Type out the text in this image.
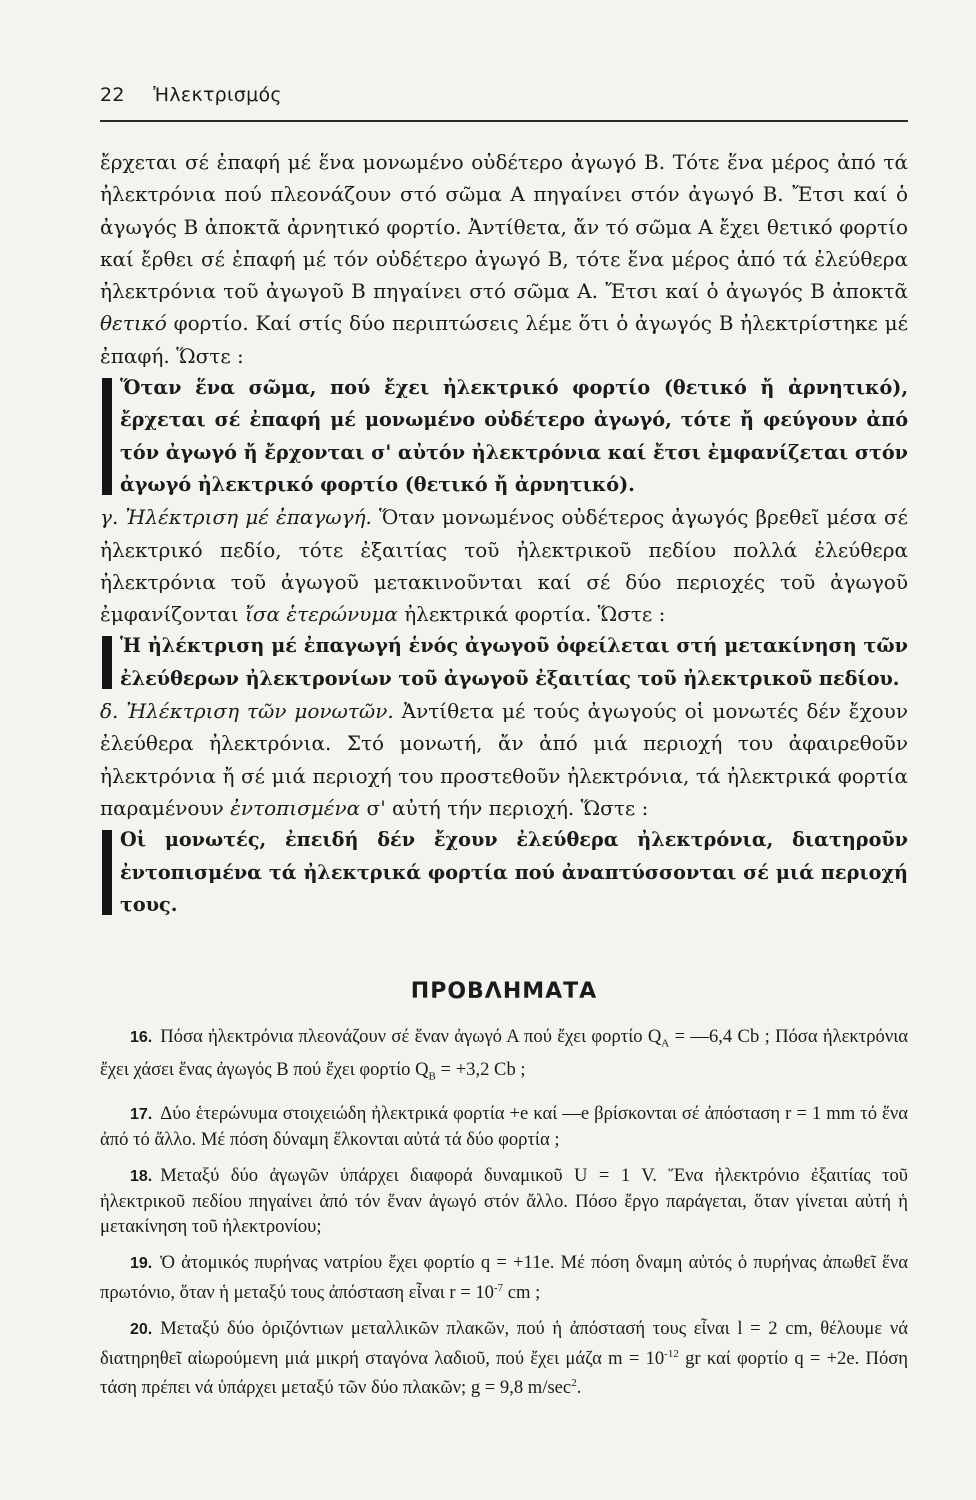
22 Ἠλεκτρισμός

ἔρχεται σέ ἐπαφή μέ ἕνα μονωμένο οὐδέτερο ἀγωγό Β. Τότε ἕνα μέρος ἀπό τά ἠλεκτρόνια πού πλεονάζουν στό σῶμα Α πηγαίνει στόν ἀγωγό Β. Ἔτσι καί ὁ ἀγωγός Β ἀποκτᾶ ἀρνητικό φορτίο. Ἀντίθετα, ἄν τό σῶμα Α ἔχει θετικό φορτίο καί ἔρθει σέ ἐπαφή μέ τόν οὐδέτερο ἀγωγό Β, τότε ἕνα μέρος ἀπό τά ἐλεύθερα ἠλεκτρόνια τοῦ ἀγωγοῦ Β πηγαίνει στό σῶμα Α. Ἔτσι καί ὁ ἀγωγός Β ἀποκτᾶ θετικό φορτίο. Καί στίς δύο περιπτώσεις λέμε ὅτι ὁ ἀγωγός Β ἠλεκτρίστηκε μέ ἐπαφή. Ὥστε :

Ὅταν ἕνα σῶμα, πού ἔχει ἠλεκτρικό φορτίο (θετικό ἤ ἀρνητικό), ἔρχεται σέ ἐπαφή μέ μονωμένο οὐδέτερο ἀγωγό, τότε ἤ φεύγουν ἀπό τόν ἀγωγό ἤ ἔρχονται σ' αὐτόν ἠλεκτρόνια καί ἔτσι ἐμφανίζεται στόν ἀγωγό ἠλεκτρικό φορτίο (θετικό ἤ ἀρνητικό).

γ. Ἠλέκτριση μέ ἐπαγωγή. Ὅταν μονωμένος οὐδέτερος ἀγωγός βρεθεῖ μέσα σέ ἠλεκτρικό πεδίο, τότε ἐξαιτίας τοῦ ἠλεκτρικοῦ πεδίου πολλά ἐλεύθερα ἠλεκτρόνια τοῦ ἀγωγοῦ μετακινοῦνται καί σέ δύο περιοχές τοῦ ἀγωγοῦ ἐμφανίζονται ἴσα ἑτερώνυμα ἠλεκτρικά φορτία. Ὥστε :

Ἡ ἠλέκτριση μέ ἐπαγωγή ἑνός ἀγωγοῦ ὀφείλεται στή μετακίνηση τῶν ἐλεύθερων ἠλεκτρονίων τοῦ ἀγωγοῦ ἐξαιτίας τοῦ ἠλεκτρικοῦ πεδίου.

δ. Ἠλέκτριση τῶν μονωτῶν. Ἀντίθετα μέ τούς ἀγωγούς οἱ μονωτές δέν ἔχουν ἐλεύθερα ἠλεκτρόνια. Στό μονωτή, ἄν ἀπό μιά περιοχή του ἀφαιρεθοῦν ἠλεκτρόνια ἤ σέ μιά περιοχή του προστεθοῦν ἠλεκτρόνια, τά ἠλεκτρικά φορτία παραμένουν ἐντοπισμένα σ' αὐτή τήν περιοχή. Ὥστε :

Οἱ μονωτές, ἐπειδή δέν ἔχουν ἐλεύθερα ἠλεκτρόνια, διατηροῦν ἐντοπισμένα τά ἠλεκτρικά φορτία πού ἀναπτύσσονται σέ μιά περιοχή τους.

ΠΡΟΒΛΗΜΑΤΑ

16. Πόσα ἠλεκτρόνια πλεονάζουν σέ ἕναν ἀγωγό Α πού ἔχει φορτίο $Q_A$ = —6,4 Cb ; Πόσα ἠλεκτρόνια ἔχει χάσει ἕνας ἀγωγός Β πού ἔχει φορτίο $Q_B = +3,2$ Cb ;

17. Δύο ἑτερώνυμα στοιχειώδη ἠλεκτρικά φορτία +e καί —e βρίσκονται σέ ἀπόσταση r = 1 mm τό ἕνα ἀπό τό ἄλλο. Μέ πόση δύναμη ἕλκονται αὐτά τά δύο φορτία ;

18. Μεταξύ δύο ἀγωγῶν ὑπάρχει διαφορά δυναμικοῦ U = 1 V. Ἕνα ἠλεκτρόνιο ἐξαιτίας τοῦ ἠλεκτρικοῦ πεδίου πηγαίνει ἀπό τόν ἕναν ἀγωγό στόν ἄλλο. Πόσο ἔργο παράγεται, ὅταν γίνεται αὐτή ἡ μετακίνηση τοῦ ἠλεκτρονίου;

19. Ὁ ἀτομικός πυρήνας νατρίου ἔχει φορτίο q = +11e. Μέ πόση δναμη αὐτός ὁ πυρήνας ἀπωθεῖ ἕνα πρωτόνιο, ὅταν ἡ μεταξύ τους ἀπόσταση εἶναι $r = 10^{-7}$ cm ;

20. Μεταξύ δύο ὁριζόντιων μεταλλικῶν πλακῶν, πού ἡ ἀπόστασή τους εἶναι l = 2 cm, θέλουμε νά διατηρηθεῖ αἰωρούμενη μιά μικρή σταγόνα λαδιοῦ, πού ἔχει μάζα $m = 10^{-12}$ gr καί φορτίο q = +2e. Πόση τάση πρέπει νά ὑπάρχει μεταξύ τῶν δύο πλακῶν; g = 9,8 $m/\sec^2$.
